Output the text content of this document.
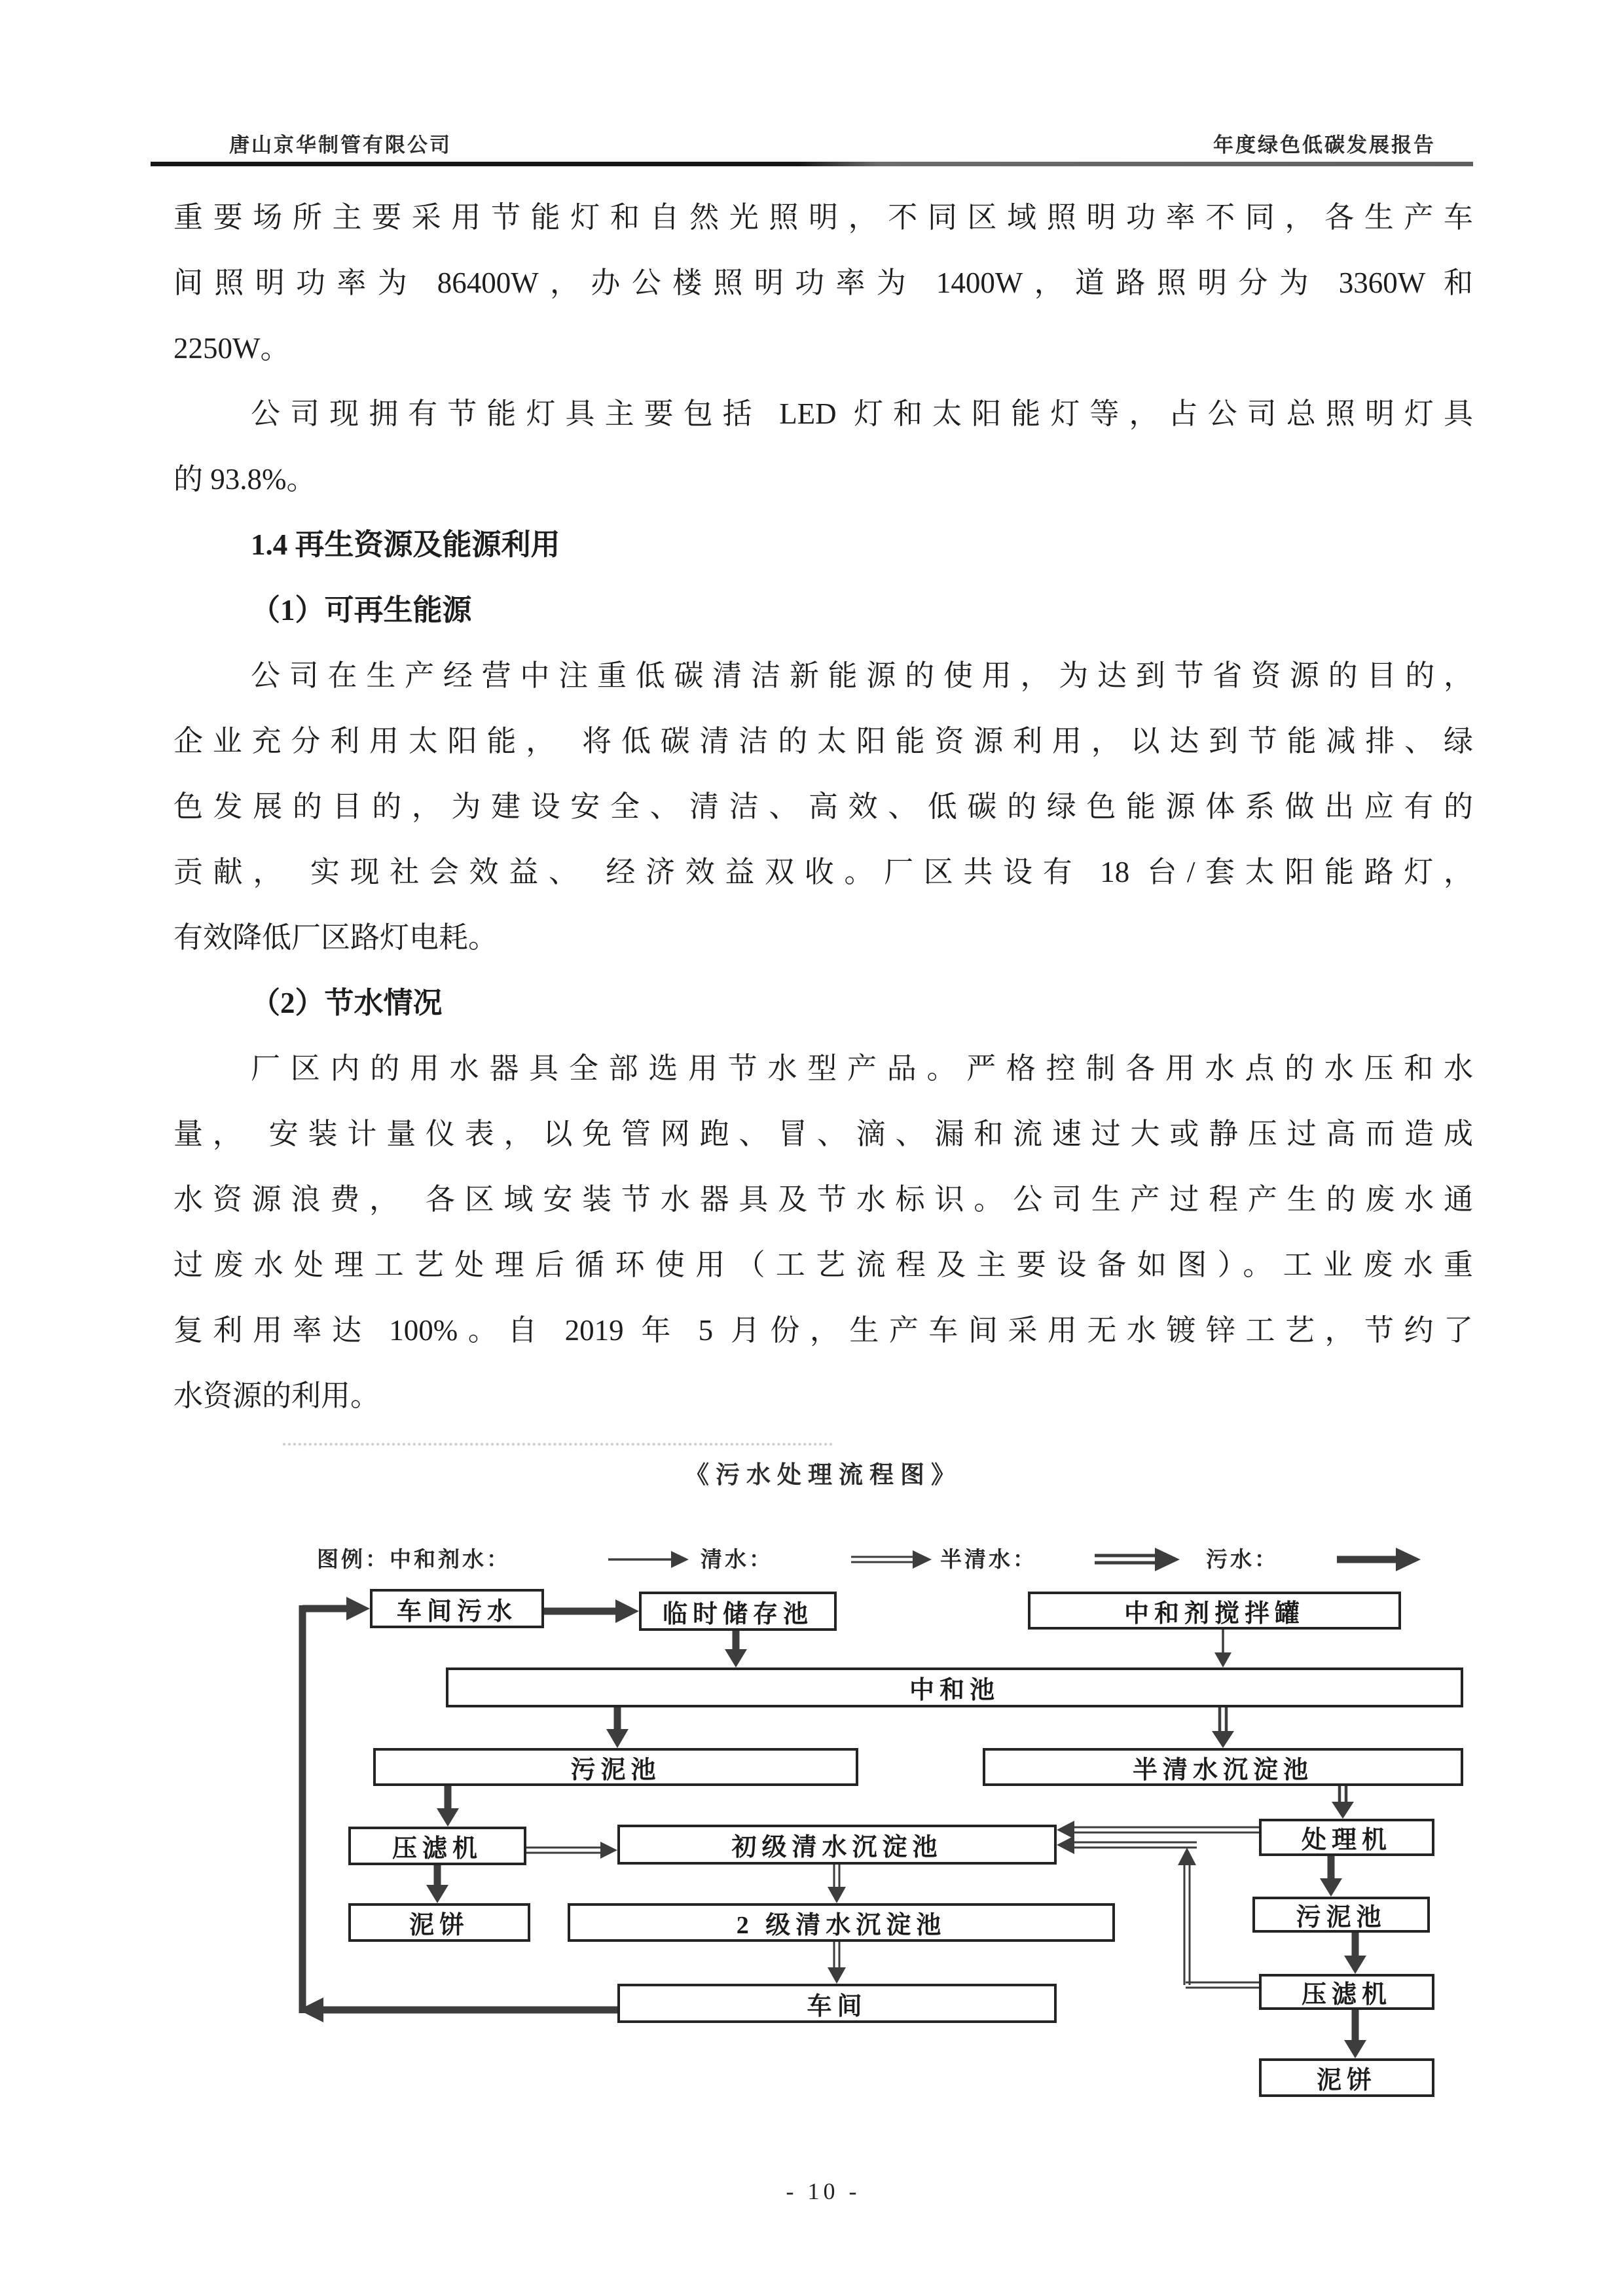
唐山京华制管有限公司	年度绿色低碳发展报告
重要场所主要采用节能灯和自然光照明，不同区域照明功率不同，各生产车
间照明功率为 86400W，办公楼照明功率为 1400W，道路照明分为 3360W 和
2250W。
公司现拥有节能灯具主要包括 LED 灯和太阳能灯等，占公司总照明灯具
的 93.8%。
1.4 再生资源及能源利用
（1）可再生能源
公司在生产经营中注重低碳清洁新能源的使用，为达到节省资源的目的，
企业充分利用太阳能， 将低碳清洁的太阳能资源利用，以达到节能减排、绿
色发展的目的，为建设安全、清洁、高效、低碳的绿色能源体系做出应有的
贡献， 实现社会效益、 经济效益双收。厂区共设有 18 台/套太阳能路灯，
有效降低厂区路灯电耗。
（2）节水情况
厂区内的用水器具全部选用节水型产品。严格控制各用水点的水压和水
量， 安装计量仪表，以免管网跑、冒、滴、漏和流速过大或静压过高而造成
水资源浪费， 各区域安装节水器具及节水标识。公司生产过程产生的废水通
过废水处理工艺处理后循环使用（工艺流程及主要设备如图）。工业废水重
复利用率达 100%。自 2019 年 5 月份，生产车间采用无水镀锌工艺，节约了
水资源的利用。
《污水处理流程图》
图例：中和剂水：	清水：	半清水：	污水：
车间污水	临时储存池	中和剂搅拌罐
中和池
污泥池	半清水沉淀池
压滤机	初级清水沉淀池	处理机
泥饼	2 级清水沉淀池	污泥池
车间	压滤机
泥饼
- 10 -
